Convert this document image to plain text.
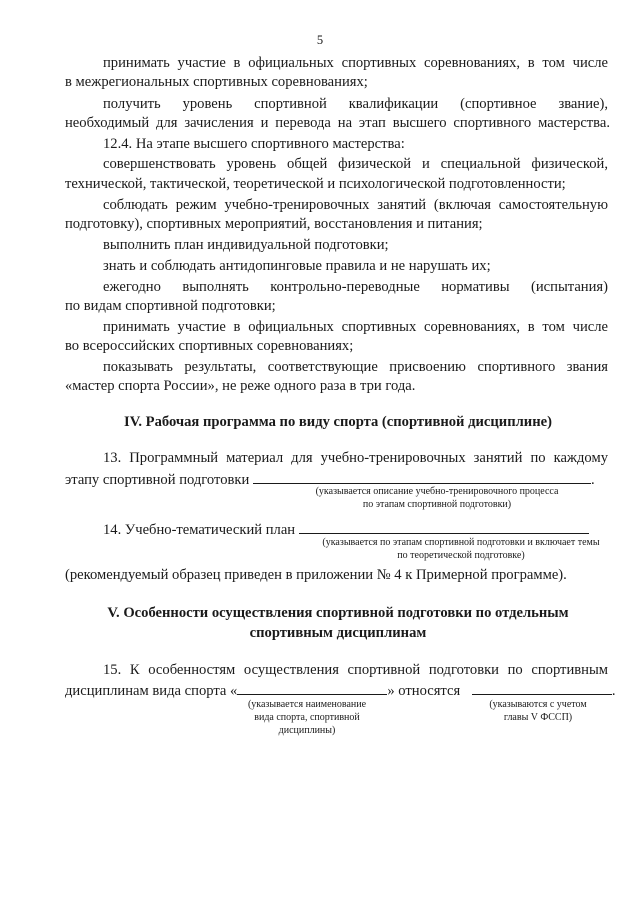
5
принимать участие в официальных спортивных соревнованиях, в том числе
в межрегиональных спортивных соревнованиях;
получить уровень спортивной квалификации (спортивное звание),
необходимый для зачисления и перевода на этап высшего спортивного мастерства.
12.4. На этапе высшего спортивного мастерства:
совершенствовать уровень общей физической и специальной физической,
технической, тактической, теоретической и психологической подготовленности;
соблюдать режим учебно-тренировочных занятий (включая самостоятельную
подготовку), спортивных мероприятий, восстановления и питания;
выполнить план индивидуальной подготовки;
знать и соблюдать антидопинговые правила и не нарушать их;
ежегодно выполнять контрольно-переводные нормативы (испытания)
по видам спортивной подготовки;
принимать участие в официальных спортивных соревнованиях, в том числе
во всероссийских спортивных соревнованиях;
показывать результаты, соответствующие присвоению спортивного звания
«мастер спорта России», не реже одного раза в три года.
IV. Рабочая программа по виду спорта (спортивной дисциплине)
13. Программный материал для учебно-тренировочных занятий по каждому
этапу спортивной подготовки	.
(указывается описание учебно-тренировочного процесса
по этапам спортивной подготовки)
14. Учебно-тематический план
(указывается по этапам спортивной подготовки и включает темы
по теоретической подготовке)
(рекомендуемый образец приведен в приложении № 4 к Примерной программе).
V. Особенности осуществления спортивной подготовки по отдельным
спортивным дисциплинам
15. К особенностям осуществления спортивной подготовки по спортивным
дисциплинам вида спорта «	» относятся	.
(указывается наименование
вида спорта, спортивной
дисциплины)
(указываются с учетом
главы V ФССП)
